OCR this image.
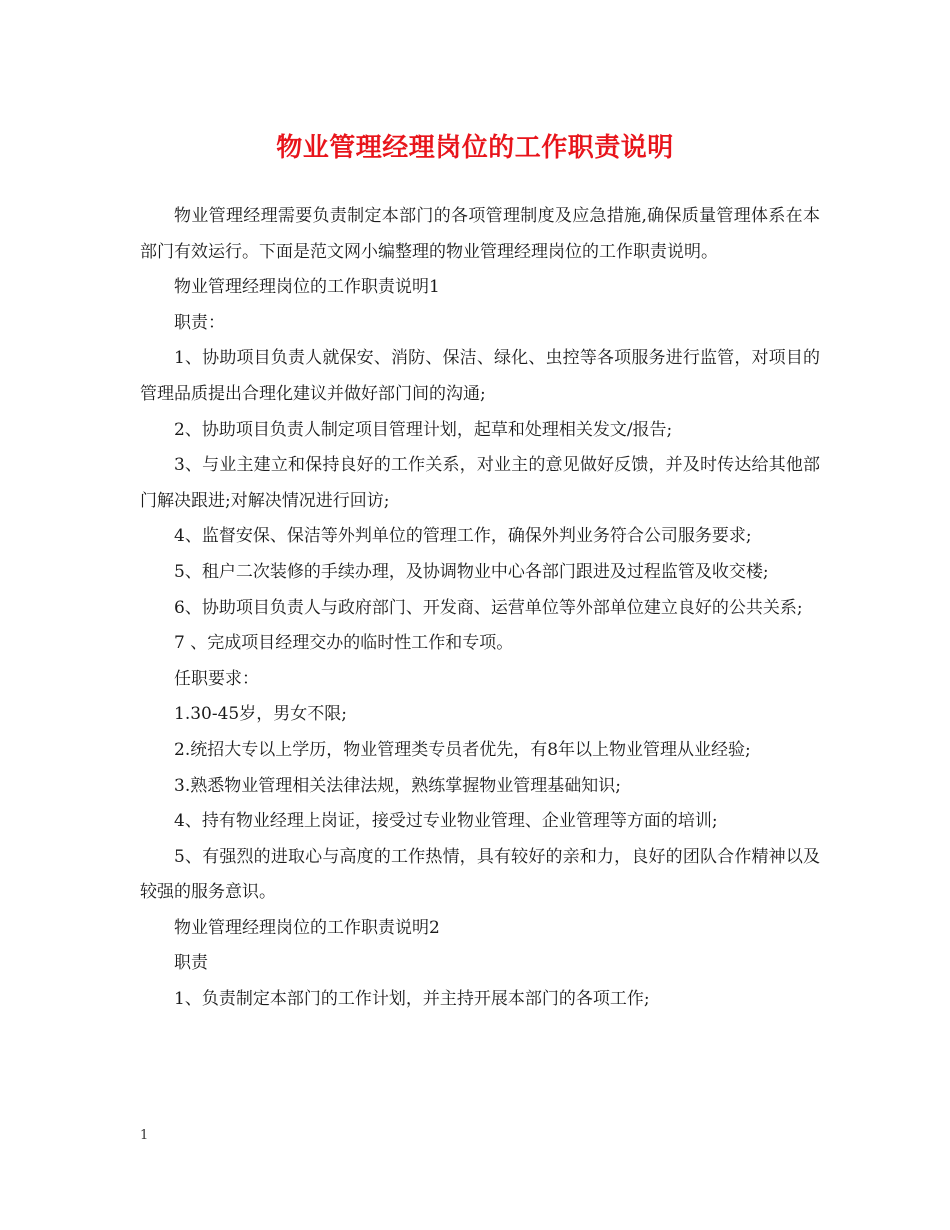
物业管理经理岗位的工作职责说明

物业管理经理需要负责制定本部门的各项管理制度及应急措施,确保质量管理体系在本部门有效运行。下面是范文网小编整理的物业管理经理岗位的工作职责说明。

物业管理经理岗位的工作职责说明1

职责：

1、协助项目负责人就保安、消防、保洁、绿化、虫控等各项服务进行监管，对项目的管理品质提出合理化建议并做好部门间的沟通;

2、协助项目负责人制定项目管理计划，起草和处理相关发文/报告;

3、与业主建立和保持良好的工作关系，对业主的意见做好反馈，并及时传达给其他部门解决跟进;对解决情况进行回访;

4、监督安保、保洁等外判单位的管理工作，确保外判业务符合公司服务要求;

5、租户二次装修的手续办理，及协调物业中心各部门跟进及过程监管及收交楼;

6、协助项目负责人与政府部门、开发商、运营单位等外部单位建立良好的公共关系;

7 、完成项目经理交办的临时性工作和专项。

任职要求：

1.30-45岁，男女不限;

2.统招大专以上学历，物业管理类专员者优先，有8年以上物业管理从业经验;

3.熟悉物业管理相关法律法规，熟练掌握物业管理基础知识;

4、持有物业经理上岗证，接受过专业物业管理、企业管理等方面的培训;

5、有强烈的进取心与高度的工作热情，具有较好的亲和力，良好的团队合作精神以及较强的服务意识。

物业管理经理岗位的工作职责说明2

职责

1、负责制定本部门的工作计划，并主持开展本部门的各项工作;

1
